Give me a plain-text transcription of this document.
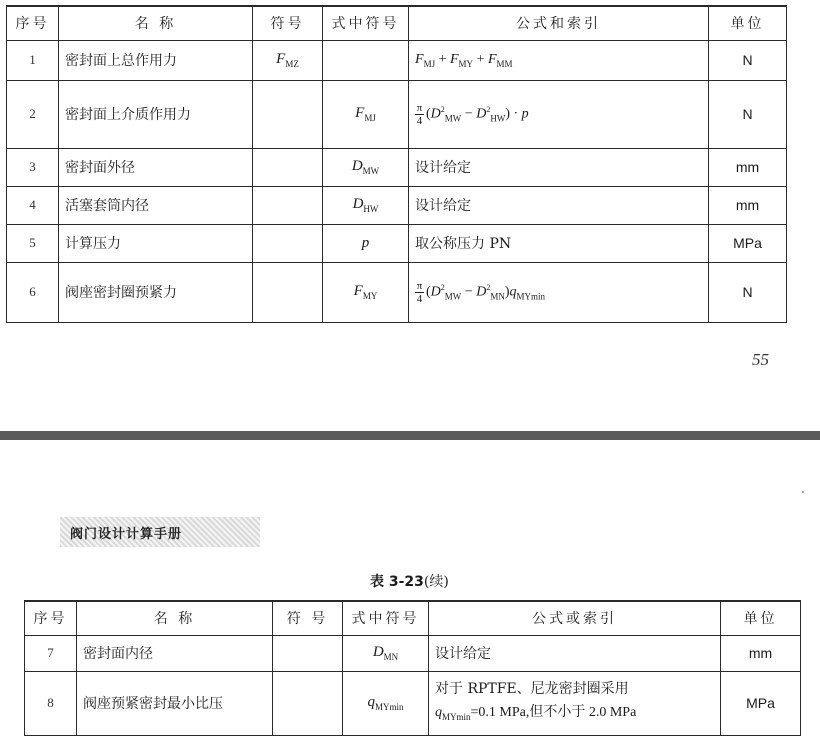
序号	名 称	符号	式中符号	公式和索引	单位
1	密封面上总作用力	$F_{MZ}$		$F_{MJ} + F_{MY} + F_{MM}$	N
2	密封面上介质作用力		$F_{MJ}$	$\frac{\pi}{4} (D^2_{MW} - D^2_{HW}) \cdot p$	N
3	密封面外径		$D_{MW}$	设计给定	mm
4	活塞套筒内径		$D_{HW}$	设计给定	mm
5	计算压力		p	取公称压力 PN	MPa
6	阀座密封圈预紧力		$F_{MY}$	$\frac{\pi}{4} (D^2_{MW} - D^2_{MN})q_{MYmin}$	N
55
阀门设计计算手册
表 3-23(续)
序号	名 称	符 号	式中符号	公式或索引	单位
7	密封面内径		$D_{MN}$	设计给定	mm
8	阀座预紧密封最小比压		$q_{MYmin}$	对于 RPTFE、尼龙密封圈采用
$q_{MYmin}=0.1$ MPa,但不小于 2.0 MPa	MPa
